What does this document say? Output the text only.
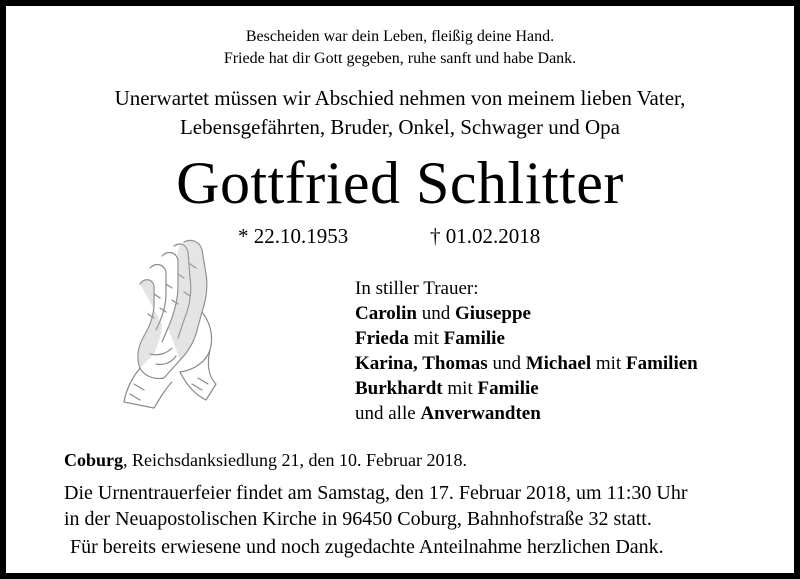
Bescheiden war dein Leben, fleißig deine Hand.
Friede hat dir Gott gegeben, ruhe sanft und habe Dank.
Unerwartet müssen wir Abschied nehmen von meinem lieben Vater,
Lebensgefährten, Bruder, Onkel, Schwager und Opa
Gottfried Schlitter
* 22.10.1953	† 01.02.2018
In stiller Trauer:
Carolin und Giuseppe
Frieda mit Familie
Karina, Thomas und Michael mit Familien
Burkhardt mit Familie
und alle Anverwandten
Coburg, Reichsdanksiedlung 21, den 10. Februar 2018.
Die Urnentrauerfeier findet am Samstag, den 17. Februar 2018, um 11:30 Uhr
in der Neuapostolischen Kirche in 96450 Coburg, Bahnhofstraße 32 statt.
Für bereits erwiesene und noch zugedachte Anteilnahme herzlichen Dank.
